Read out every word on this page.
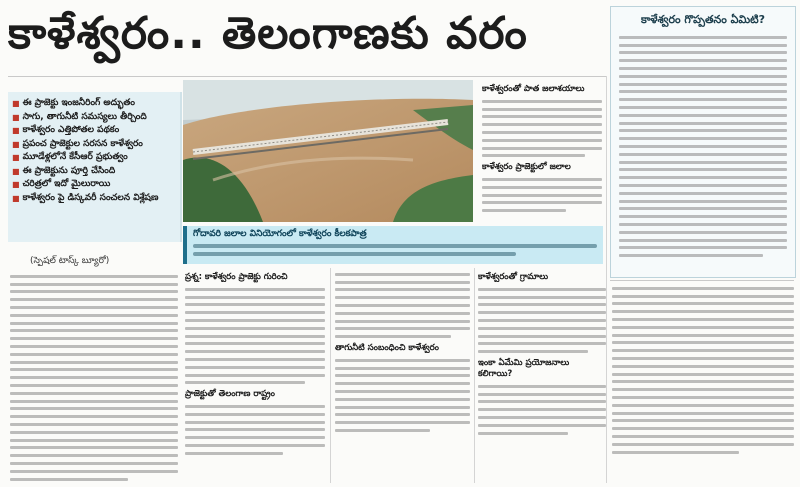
కాళేశ్వరం.. తెలంగాణకు వరం
■ ఈ ప్రాజెక్టు ఇంజనీరింగ్ అద్భుతం
■ సాగు, తాగునీటి సమస్యలు తీర్చింది
■ కాళేశ్వరం ఎత్తిపోతల పథకం
■ ప్రపంచ ప్రాజెక్టుల సరసన కాళేశ్వరం
■ మూడేళ్లలోనే కేసీఆర్ ప్రభుత్వం
■ ఈ ప్రాజెక్టును పూర్తి చేసింది
■ చరిత్రలో ఇదో మైలురాయి
■ కాళేశ్వరం పై డిస్కవరీ సంచలన విశ్లేషణ
(స్పెషల్ టాస్క్ బ్యూరో)
గోదావరి జలాల వినియోగంలో కాళేశ్వరం కీలకపాత్ర
కాళేశ్వరంతో పాత జలాశయాలు
కాళేశ్వరం ప్రాజెక్టులో జలాల
ప్రశ్న: కాళేశ్వరం ప్రాజెక్టు గురించి
ప్రాజెక్టుతో తెలంగాణ రాష్ట్రం
తాగునీటి సంబంధించి కాళేశ్వరం
కాళేశ్వరంతో గ్రామాలు
ఇంకా ఏమేమి ప్రయోజనాలు కలిగాయి?
కాళేశ్వరం గొప్పతనం ఏమిటి?
